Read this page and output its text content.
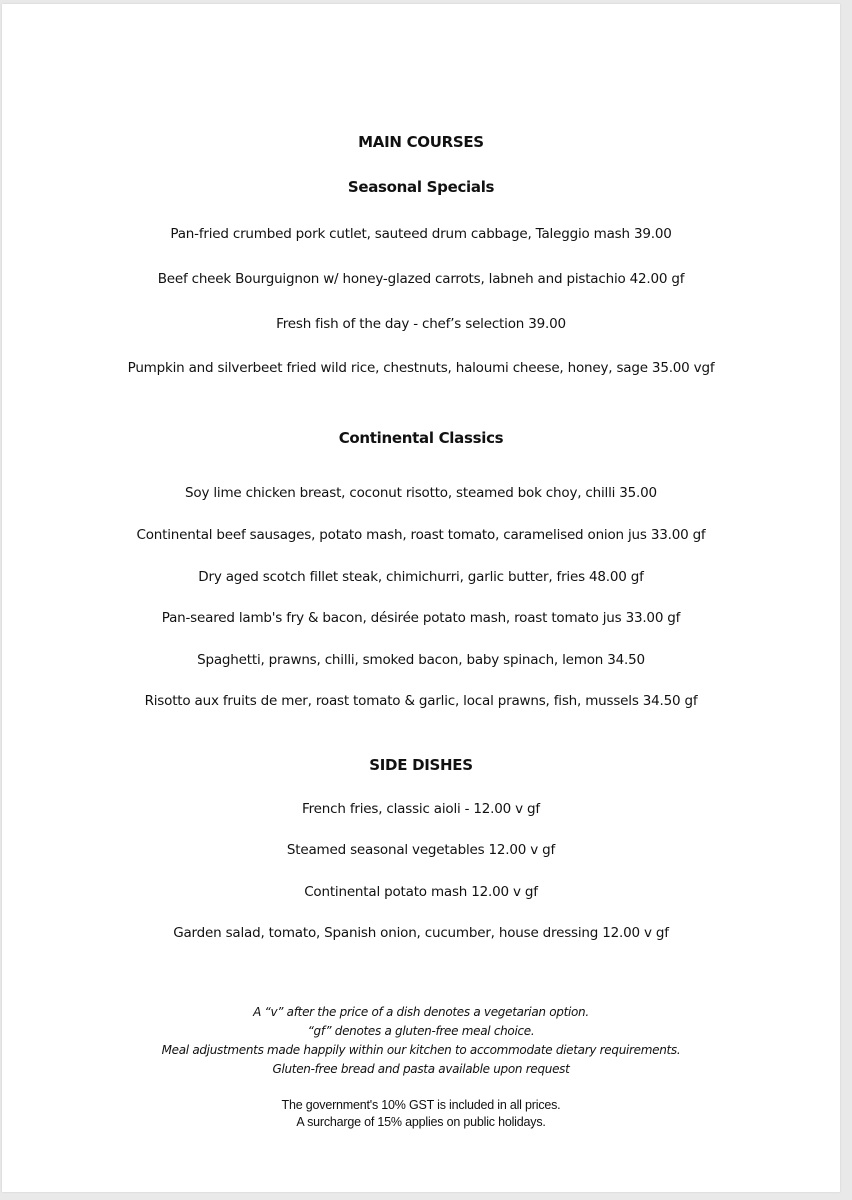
MAIN COURSES
Seasonal Specials
Pan-fried crumbed pork cutlet, sauteed drum cabbage, Taleggio mash 39.00
Beef cheek Bourguignon w/ honey-glazed carrots, labneh and pistachio 42.00 gf
Fresh fish of the day - chef’s selection 39.00
Pumpkin and silverbeet fried wild rice, chestnuts, haloumi cheese, honey, sage 35.00 vgf
Continental Classics
Soy lime chicken breast, coconut risotto, steamed bok choy, chilli 35.00
Continental beef sausages, potato mash, roast tomato, caramelised onion jus 33.00 gf
Dry aged scotch fillet steak, chimichurri, garlic butter, fries 48.00 gf
Pan-seared lamb's fry & bacon, désirée potato mash, roast tomato jus 33.00 gf
Spaghetti, prawns, chilli, smoked bacon, baby spinach, lemon 34.50
Risotto aux fruits de mer, roast tomato & garlic, local prawns, fish, mussels 34.50 gf
SIDE DISHES
French fries, classic aioli - 12.00 v gf
Steamed seasonal vegetables 12.00 v gf
Continental potato mash 12.00 v gf
Garden salad, tomato, Spanish onion, cucumber, house dressing 12.00 v gf
A “v” after the price of a dish denotes a vegetarian option.
“gf” denotes a gluten-free meal choice.
Meal adjustments made happily within our kitchen to accommodate dietary requirements.
Gluten-free bread and pasta available upon request
The government's 10% GST is included in all prices.
A surcharge of 15% applies on public holidays.
